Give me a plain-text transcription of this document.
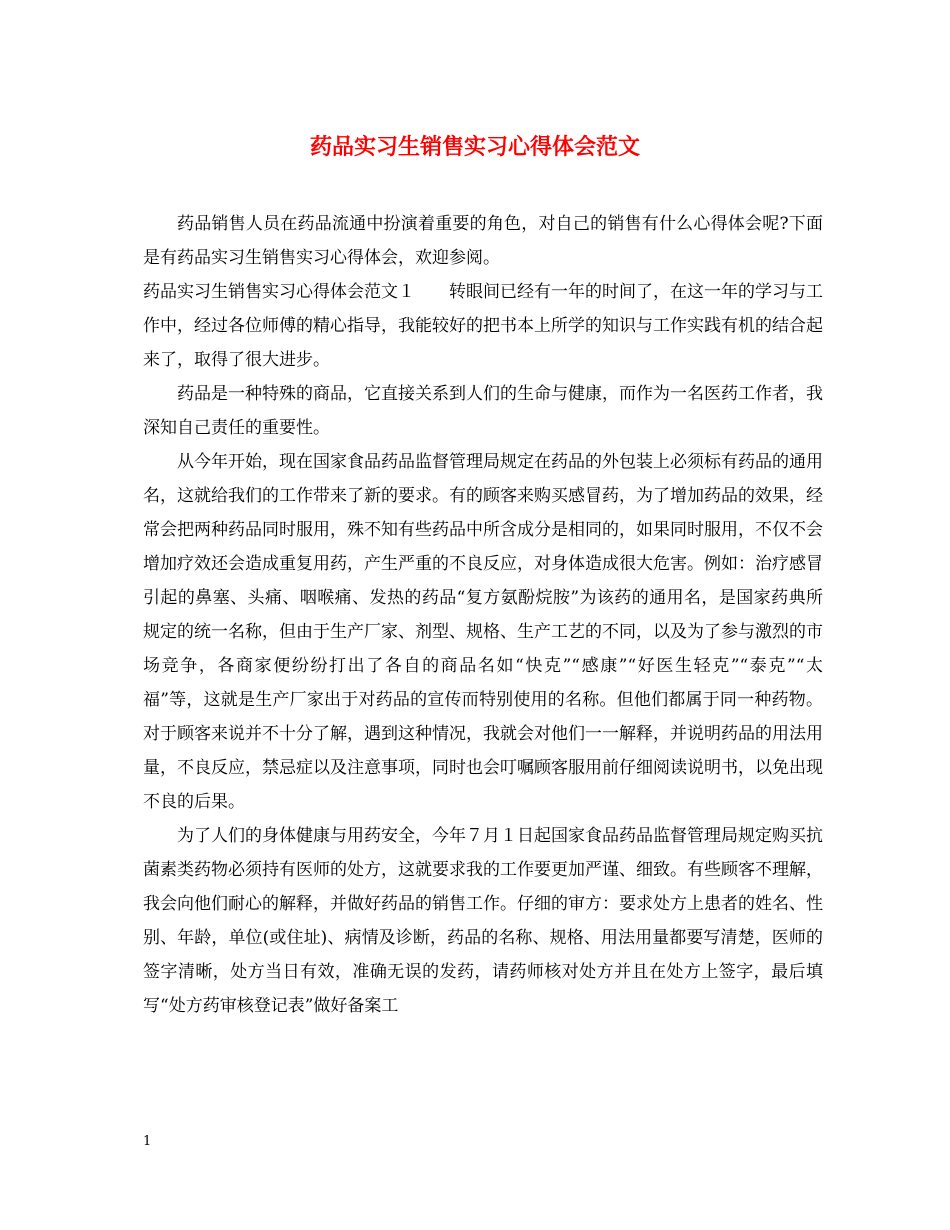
药品实习生销售实习心得体会范文

药品销售人员在药品流通中扮演着重要的角色，对自己的销售有什么心得体会呢?下面是有药品实习生销售实习心得体会，欢迎参阅。

药品实习生销售实习心得体会范文１　　转眼间已经有一年的时间了，在这一年的学习与工作中，经过各位师傅的精心指导，我能较好的把书本上所学的知识与工作实践有机的结合起来了，取得了很大进步。

药品是一种特殊的商品，它直接关系到人们的生命与健康，而作为一名医药工作者，我深知自己责任的重要性。

从今年开始，现在国家食品药品监督管理局规定在药品的外包装上必须标有药品的通用名，这就给我们的工作带来了新的要求。有的顾客来购买感冒药，为了增加药品的效果，经常会把两种药品同时服用，殊不知有些药品中所含成分是相同的，如果同时服用，不仅不会增加疗效还会造成重复用药，产生严重的不良反应，对身体造成很大危害。例如：治疗感冒引起的鼻塞、头痛、咽喉痛、发热的药品“复方氨酚烷胺”为该药的通用名，是国家药典所规定的统一名称，但由于生产厂家、剂型、规格、生产工艺的不同，以及为了参与激烈的市场竞争，各商家便纷纷打出了各自的商品名如“快克”“感康”“好医生轻克”“泰克”“太福”等，这就是生产厂家出于对药品的宣传而特别使用的名称。但他们都属于同一种药物。对于顾客来说并不十分了解，遇到这种情况，我就会对他们一一解释，并说明药品的用法用量，不良反应，禁忌症以及注意事项，同时也会叮嘱顾客服用前仔细阅读说明书，以免出现不良的后果。

为了人们的身体健康与用药安全，今年７月１日起国家食品药品监督管理局规定购买抗菌素类药物必须持有医师的处方，这就要求我的工作要更加严谨、细致。有些顾客不理解，我会向他们耐心的解释，并做好药品的销售工作。仔细的审方：要求处方上患者的姓名、性别、年龄，单位(或住址)、病情及诊断，药品的名称、规格、用法用量都要写清楚，医师的签字清晰，处方当日有效，准确无误的发药，请药师核对处方并且在处方上签字，最后填写“处方药审核登记表”做好备案工

1
